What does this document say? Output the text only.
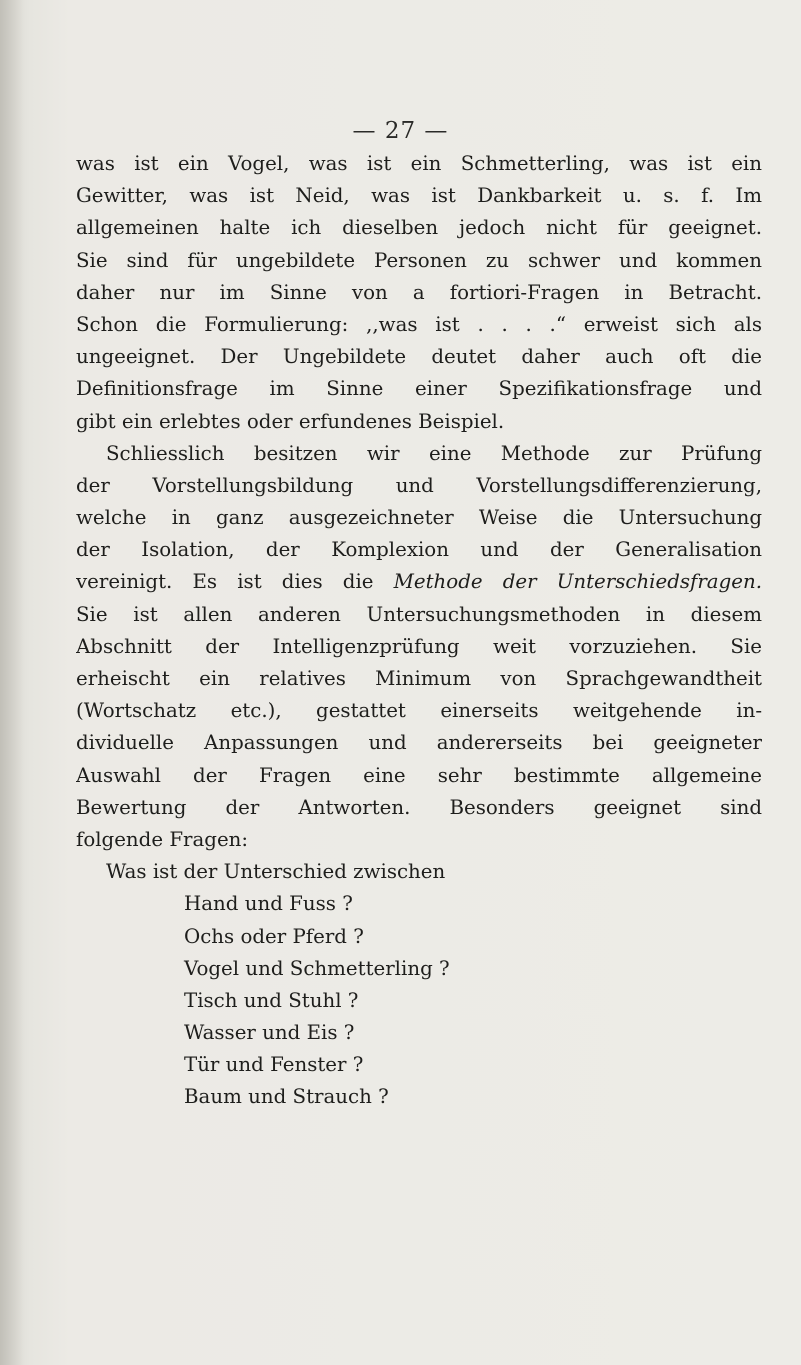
— 27 —
was ist ein Vogel, was ist ein Schmetterling, was ist ein
Gewitter, was ist Neid, was ist Dankbarkeit u. s. f. Im
allgemeinen halte ich dieselben jedoch nicht für geeignet.
Sie sind für ungebildete Personen zu schwer und kommen
daher nur im Sinne von a fortiori-Fragen in Betracht.
Schon die Formulierung: ,,was ist . . . .“ erweist sich als
ungeeignet. Der Ungebildete deutet daher auch oft die
Definitionsfrage im Sinne einer Spezifikationsfrage und
gibt ein erlebtes oder erfundenes Beispiel.
Schliesslich besitzen wir eine Methode zur Prüfung
der Vorstellungsbildung und Vorstellungsdifferenzierung,
welche in ganz ausgezeichneter Weise die Untersuchung
der Isolation, der Komplexion und der Generalisation
vereinigt. Es ist dies die Methode der Unterschiedsfragen.
Sie ist allen anderen Untersuchungsmethoden in diesem
Abschnitt der Intelligenzprüfung weit vorzuziehen. Sie
erheischt ein relatives Minimum von Sprachgewandtheit
(Wortschatz etc.), gestattet einerseits weitgehende in-
dividuelle Anpassungen und andererseits bei geeigneter
Auswahl der Fragen eine sehr bestimmte allgemeine
Bewertung der Antworten. Besonders geeignet sind
folgende Fragen:
Was ist der Unterschied zwischen
Hand und Fuss ?
Ochs oder Pferd ?
Vogel und Schmetterling ?
Tisch und Stuhl ?
Wasser und Eis ?
Tür und Fenster ?
Baum und Strauch ?
